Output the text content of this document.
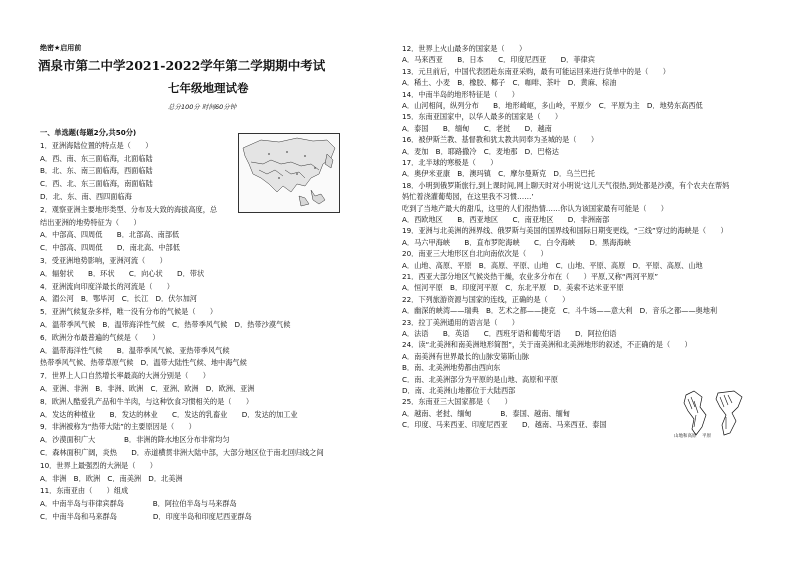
绝密★启用前
酒泉市第二中学2021-2022学年第二学期期中考试
七年级地理试卷
总分100分 时间60分钟
一、单选题(每题2分,共50分)
1．亚洲海陆位置的特点是（　　）
A．西、南、东三面临海，北面临陆
B．北、东、南三面临海，西面临陆
C．西、北、东三面临海，南面临陆
D．北、东、南、西四面临海
2．观察亚洲主要地形类型、分布及大致的海拔高度，总
结出亚洲的地势特征为（　　）
A．中部高、四周低　　B．北部高、南部低
C．中部高、四周低　　D．南北高、中部低
3．受亚洲地势影响，亚洲河流（　　）
A．辐射状　　B．环状　　C．向心状　　D．带状
4．亚洲流向印度洋最长的河流是（　　）
A．湄公河　B．鄂毕河　C．长江　D．伏尔加河
5．亚洲气候复杂多样，唯一没有分布的气候是（　　）
A．温带季风气候　B．温带海洋性气候　C．热带季风气候　D．热带沙漠气候
6．欧洲分布最普遍的气候是（　　）
A．温带海洋性气候　　B．温带季风气候、亚热带季风气候
热带季风气候、热带草原气候　D．温带大陆性气候、地中海气候
7．世界上人口自然增长率最高的大洲分别是（　　）
A．亚洲、非洲　B．非洲、欧洲　C．亚洲、欧洲　D．欧洲、亚洲
8．欧洲人酷爱乳产品和牛羊肉，与这种饮食习惯相关的是（　　）
A．发达的种植业　　B．发达的林业　　C．发达的乳畜业　　D．发达的加工业
9．非洲被称为“热带大陆”的主要原因是（　　）
A．沙漠面积广大　　　　B．非洲的降水地区分布非常均匀
C．森林面积广阔，炎热　　D．赤道横贯非洲大陆中部，大部分地区位于南北回归线之间
10．世界上最强烈的大洲是（　　）
A．非洲　B．欧洲　C．南美洲　D．北美洲
11．东南亚由（　　）组成
A．中南半岛与菲律宾群岛　　　　B．阿拉伯半岛与马来群岛
C．中南半岛和马来群岛　　　　　D．印度半岛和印度尼西亚群岛
12．世界上火山最多的国家是（　　）
A．马来西亚　　B．日本　　C．印度尼西亚　　D．菲律宾
13．元旦前后，中国代表团赴东南亚采购，最有可能运回来进行货单中的是（　　）
A．稀土、小麦　B．橡胶、椰子　C．咖啡、茶叶　D．黄麻、棕油
14．中南半岛的地形特征是（　　）
A．山河相间，纵列分布　　B．地形崎岖，多山岭，平原少　C．平原为主　D．地势东高西低
15．东南亚国家中，以华人最多的国家是（　　）
A．泰国　　B．缅甸　　C．老挝　　D．越南
16．被伊斯兰教、基督教和犹太教共同奉为圣城的是（　　）
A．麦加　B．耶路撒冷　C．麦地那　D．巴格达
17．北半球的寒极是（　　）
A．奥伊米亚康　B．澳玛镇　C．摩尔曼斯克　D．乌兰巴托
18．小明到俄罗斯旅行,到上课时间,网上聊天时对小明说‘这儿天气很热,到处都是沙漠，有个农夫在帮妈
妈忙着浇灌葡萄园，在这里我不习惯……’
吃到了当地产最大的甜瓜，这里的人们很热情……你认为该国家最有可能是（　　）
A．西欧地区　　B．西亚地区　　C．南亚地区　　D．非洲南部
19．亚洲与北美洲的洲界线、俄罗斯与美国的国界线和国际日期变更线，“三线”穿过的海峡是（　　）
A．马六甲海峡　　B．直布罗陀海峡　　C．白令海峡　　D．黑海海峡
20．南亚三大地形区自北向南依次是（　　）
A．山地、高原、平原　B．高原、平原、山地　C．山地、平原、高原　D．平原、高原、山地
21．西亚大部分地区气候炎热干燥，农业多分布在（　　）平原,又称“两河平原”
A．恒河平原　B．印度河平原　C．东北平原　D．美索不达米亚平原
22．下列旅游资源与国家的连线，正确的是（　　）
A．幽深的峡湾——瑞典　B．艺术之都——捷克　C．斗牛场——意大利　D．音乐之都——奥地利
23．拉丁美洲通用的语言是（　　）
A．法语　　B．英语　　C．西班牙语和葡萄牙语　　D．阿拉伯语
24．读“北美洲和南美洲地形简图”，关于南美洲和北美洲地形的叙述，不正确的是（　　）
A．南美洲有世界最长的山脉安第斯山脉
B．南、北美洲地势都由西向东
C．南、北美洲部分为平原的是山地、高原和平原
D．南、北美洲山地都位于大陆西部
25．东南亚三大国家都是（　　）
A．越南、老挝、缅甸　　　　B．泰国、越南、缅甸
C．印度、马来西亚、印度尼西亚　　D．越南、马来西亚、泰国
山地和高原 平原
